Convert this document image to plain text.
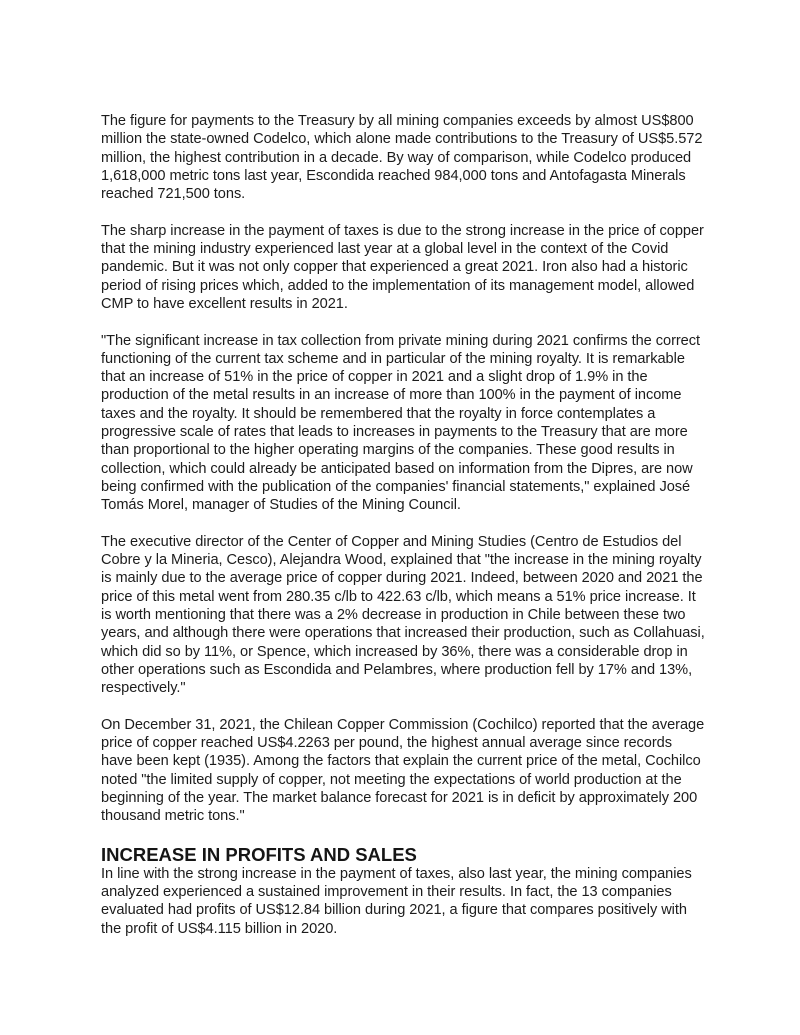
The figure for payments to the Treasury by all mining companies exceeds by almost US$800 million the state-owned Codelco, which alone made contributions to the Treasury of US$5.572 million, the highest contribution in a decade. By way of comparison, while Codelco produced 1,618,000 metric tons last year, Escondida reached 984,000 tons and Antofagasta Minerals reached 721,500 tons.

The sharp increase in the payment of taxes is due to the strong increase in the price of copper that the mining industry experienced last year at a global level in the context of the Covid pandemic. But it was not only copper that experienced a great 2021. Iron also had a historic period of rising prices which, added to the implementation of its management model, allowed CMP to have excellent results in 2021.

"The significant increase in tax collection from private mining during 2021 confirms the correct functioning of the current tax scheme and in particular of the mining royalty. It is remarkable that an increase of 51% in the price of copper in 2021 and a slight drop of 1.9% in the production of the metal results in an increase of more than 100% in the payment of income taxes and the royalty. It should be remembered that the royalty in force contemplates a progressive scale of rates that leads to increases in payments to the Treasury that are more than proportional to the higher operating margins of the companies. These good results in collection, which could already be anticipated based on information from the Dipres, are now being confirmed with the publication of the companies' financial statements," explained José Tomás Morel, manager of Studies of the Mining Council.

The executive director of the Center of Copper and Mining Studies (Centro de Estudios del Cobre y la Mineria, Cesco), Alejandra Wood, explained that "the increase in the mining royalty is mainly due to the average price of copper during 2021. Indeed, between 2020 and 2021 the price of this metal went from 280.35 c/lb to 422.63 c/lb, which means a 51% price increase. It is worth mentioning that there was a 2% decrease in production in Chile between these two years, and although there were operations that increased their production, such as Collahuasi, which did so by 11%, or Spence, which increased by 36%, there was a considerable drop in other operations such as Escondida and Pelambres, where production fell by 17% and 13%, respectively."

On December 31, 2021, the Chilean Copper Commission (Cochilco) reported that the average price of copper reached US$4.2263 per pound, the highest annual average since records have been kept (1935). Among the factors that explain the current price of the metal, Cochilco noted "the limited supply of copper, not meeting the expectations of world production at the beginning of the year. The market balance forecast for 2021 is in deficit by approximately 200 thousand metric tons."

INCREASE IN PROFITS AND SALES

In line with the strong increase in the payment of taxes, also last year, the mining companies analyzed experienced a sustained improvement in their results. In fact, the 13 companies evaluated had profits of US$12.84 billion during 2021, a figure that compares positively with the profit of US$4.115 billion in 2020.
